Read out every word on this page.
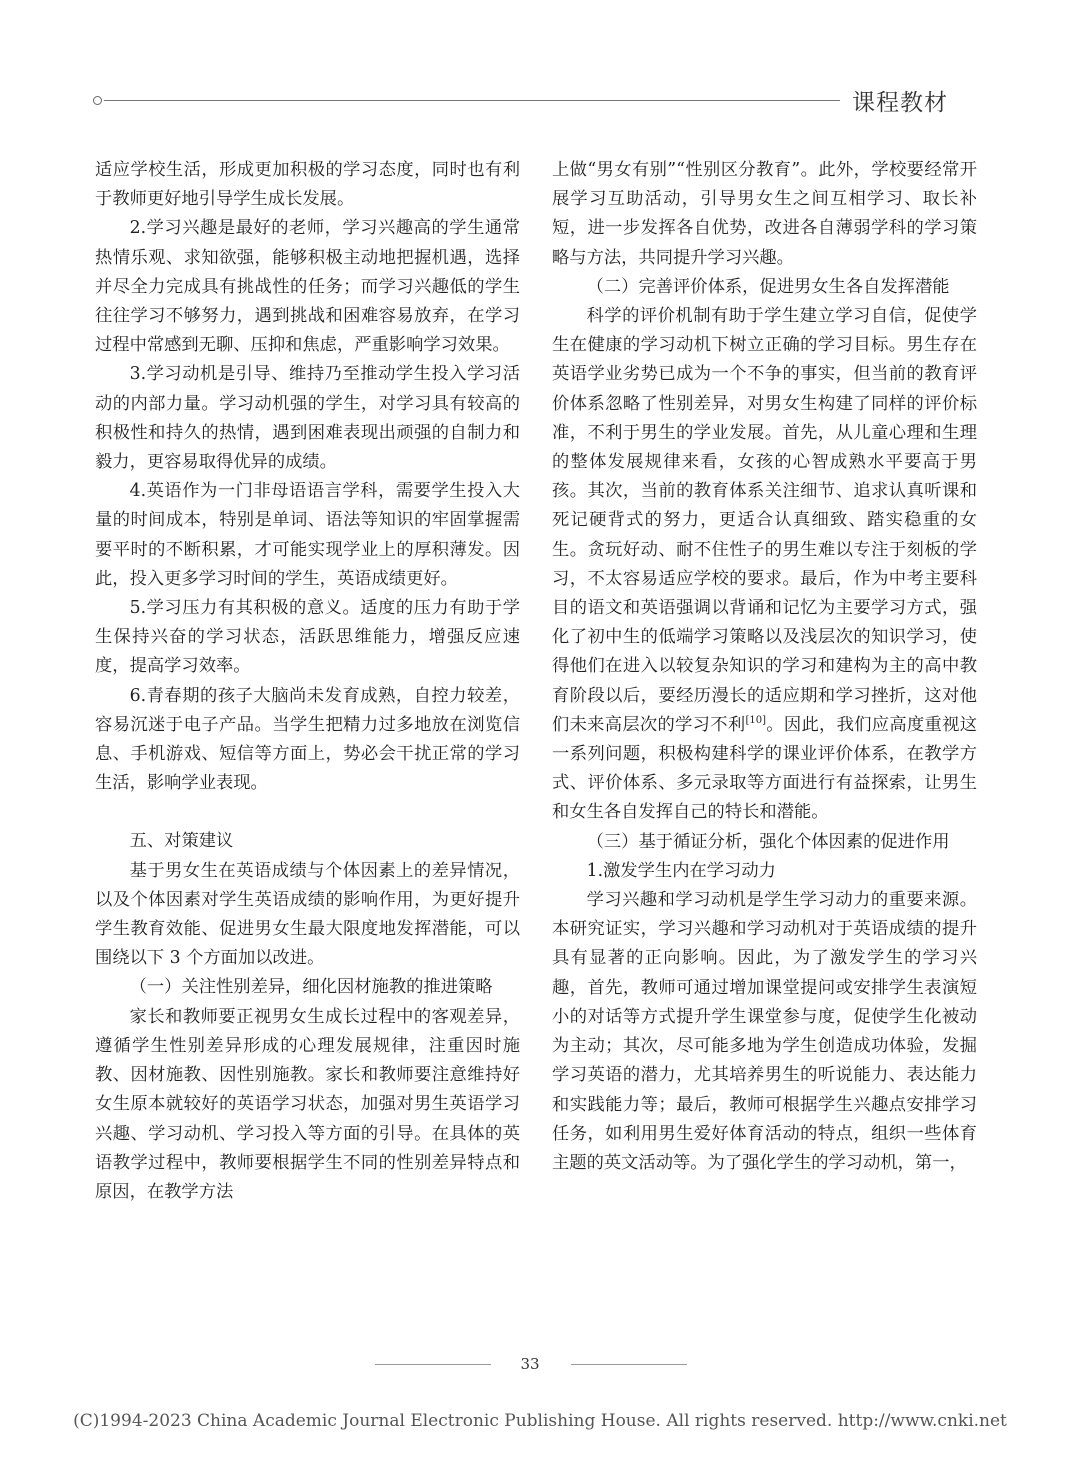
课程教材

适应学校生活，形成更加积极的学习态度，同时也有利于教师更好地引导学生成长发展。

2.学习兴趣是最好的老师，学习兴趣高的学生通常热情乐观、求知欲强，能够积极主动地把握机遇，选择并尽全力完成具有挑战性的任务；而学习兴趣低的学生往往学习不够努力，遇到挑战和困难容易放弃，在学习过程中常感到无聊、压抑和焦虑，严重影响学习效果。

3.学习动机是引导、维持乃至推动学生投入学习活动的内部力量。学习动机强的学生，对学习具有较高的积极性和持久的热情，遇到困难表现出顽强的自制力和毅力，更容易取得优异的成绩。

4.英语作为一门非母语语言学科，需要学生投入大量的时间成本，特别是单词、语法等知识的牢固掌握需要平时的不断积累，才可能实现学业上的厚积薄发。因此，投入更多学习时间的学生，英语成绩更好。

5.学习压力有其积极的意义。适度的压力有助于学生保持兴奋的学习状态，活跃思维能力，增强反应速度，提高学习效率。

6.青春期的孩子大脑尚未发育成熟，自控力较差，容易沉迷于电子产品。当学生把精力过多地放在浏览信息、手机游戏、短信等方面上，势必会干扰正常的学习生活，影响学业表现。

五、对策建议

基于男女生在英语成绩与个体因素上的差异情况，以及个体因素对学生英语成绩的影响作用，为更好提升学生教育效能、促进男女生最大限度地发挥潜能，可以围绕以下 3 个方面加以改进。

（一）关注性别差异，细化因材施教的推进策略

家长和教师要正视男女生成长过程中的客观差异，遵循学生性别差异形成的心理发展规律，注重因时施教、因材施教、因性别施教。家长和教师要注意维持好女生原本就较好的英语学习状态，加强对男生英语学习兴趣、学习动机、学习投入等方面的引导。在具体的英语教学过程中，教师要根据学生不同的性别差异特点和原因，在教学方法

上做“男女有别”“性别区分教育”。此外，学校要经常开展学习互助活动，引导男女生之间互相学习、取长补短，进一步发挥各自优势，改进各自薄弱学科的学习策略与方法，共同提升学习兴趣。

（二）完善评价体系，促进男女生各自发挥潜能

科学的评价机制有助于学生建立学习自信，促使学生在健康的学习动机下树立正确的学习目标。男生存在英语学业劣势已成为一个不争的事实，但当前的教育评价体系忽略了性别差异，对男女生构建了同样的评价标准，不利于男生的学业发展。首先，从儿童心理和生理的整体发展规律来看，女孩的心智成熟水平要高于男孩。其次，当前的教育体系关注细节、追求认真听课和死记硬背式的努力，更适合认真细致、踏实稳重的女生。贪玩好动、耐不住性子的男生难以专注于刻板的学习，不太容易适应学校的要求。最后，作为中考主要科目的语文和英语强调以背诵和记忆为主要学习方式，强化了初中生的低端学习策略以及浅层次的知识学习，使得他们在进入以较复杂知识的学习和建构为主的高中教育阶段以后，要经历漫长的适应期和学习挫折，这对他们未来高层次的学习不利[10]。因此，我们应高度重视这一系列问题，积极构建科学的课业评价体系，在教学方式、评价体系、多元录取等方面进行有益探索，让男生和女生各自发挥自己的特长和潜能。

（三）基于循证分析，强化个体因素的促进作用

1.激发学生内在学习动力

学习兴趣和学习动机是学生学习动力的重要来源。本研究证实，学习兴趣和学习动机对于英语成绩的提升具有显著的正向影响。因此，为了激发学生的学习兴趣，首先，教师可通过增加课堂提问或安排学生表演短小的对话等方式提升学生课堂参与度，促使学生化被动为主动；其次，尽可能多地为学生创造成功体验，发掘学习英语的潜力，尤其培养男生的听说能力、表达能力和实践能力等；最后，教师可根据学生兴趣点安排学习任务，如利用男生爱好体育活动的特点，组织一些体育主题的英文活动等。为了强化学生的学习动机，第一，

33
(C)1994-2023 China Academic Journal Electronic Publishing House. All rights reserved. http://www.cnki.net
